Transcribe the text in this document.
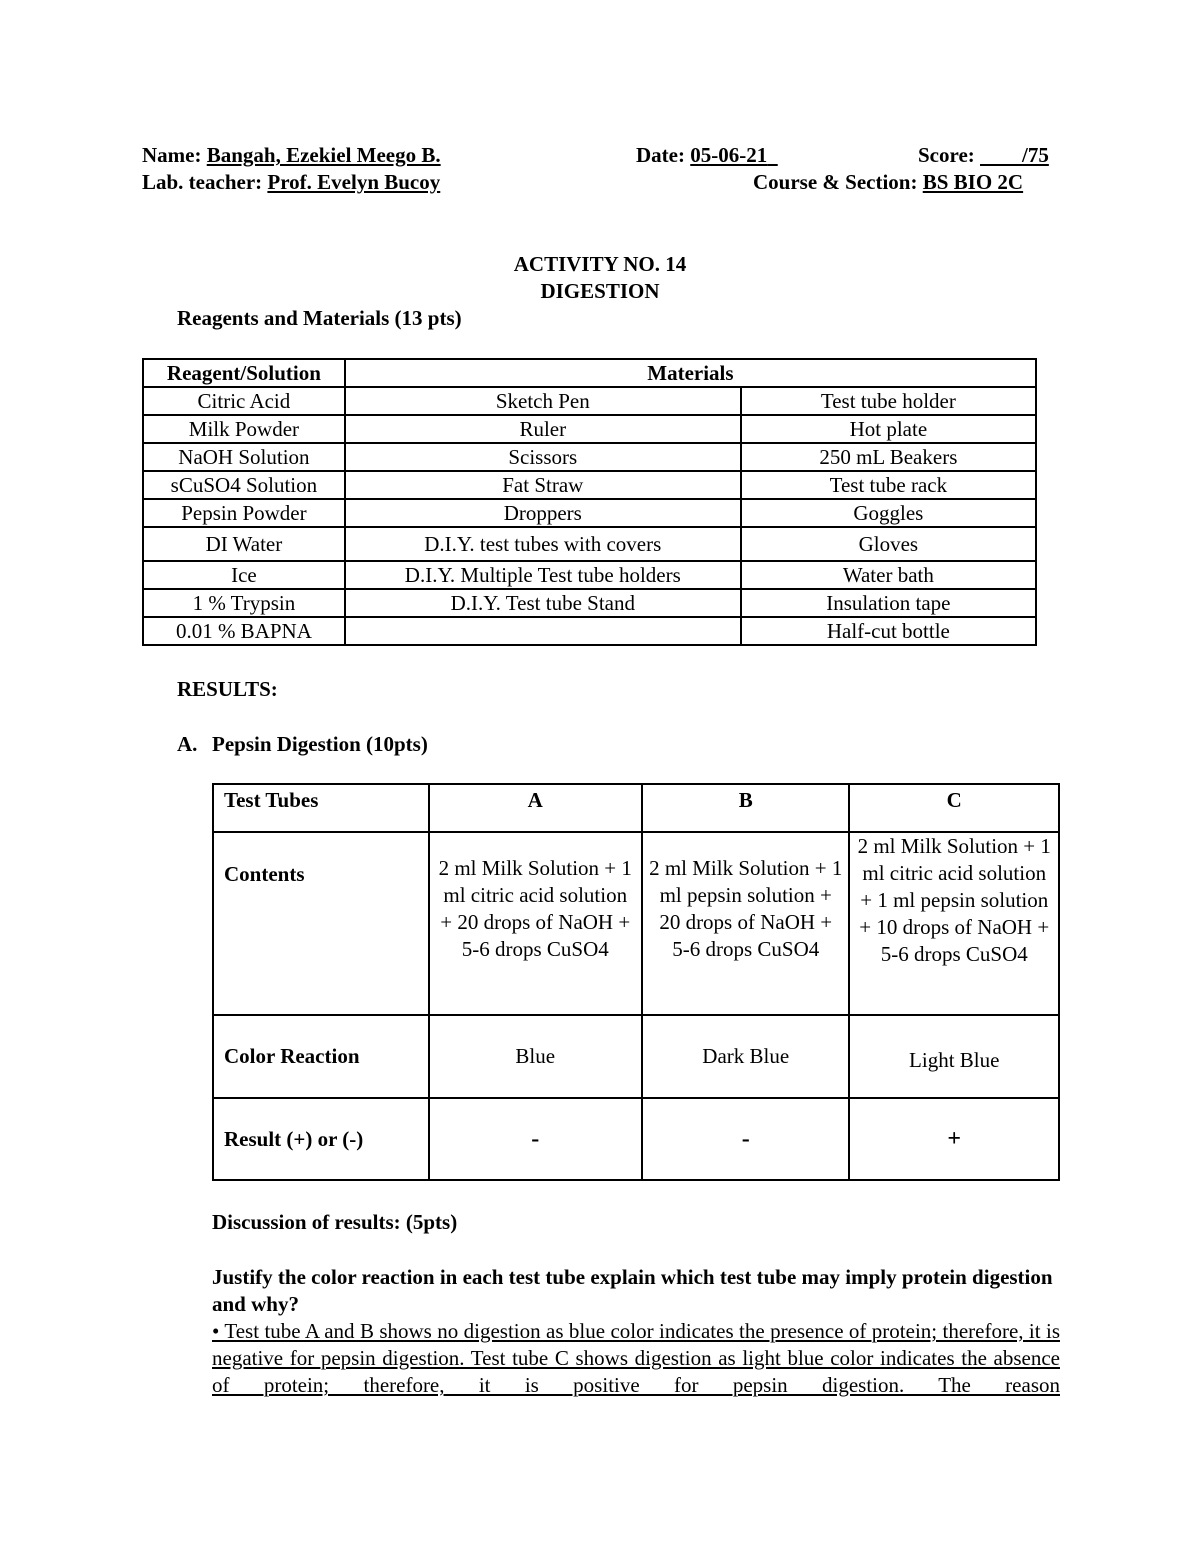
Name: Bangah, Ezekiel Meego B.	Date: 05-06-21	Score: /75
Lab. teacher: Prof. Evelyn Bucoy	Course & Section: BS BIO 2C
ACTIVITY NO. 14
DIGESTION
Reagents and Materials (13 pts)
Reagent/Solution	Materials	
Citric Acid	Sketch Pen	Test tube holder
Milk Powder	Ruler	Hot plate
NaOH Solution	Scissors	250 mL Beakers
sCuSO4 Solution	Fat Straw	Test tube rack
Pepsin Powder	Droppers	Goggles
DI Water	D.I.Y. test tubes with covers	Gloves
Ice	D.I.Y. Multiple Test tube holders	Water bath
1 % Trypsin	D.I.Y. Test tube Stand	Insulation tape
0.01 % BAPNA		Half-cut bottle
RESULTS:
A. Pepsin Digestion (10pts)
Test Tubes	A	B	C
Contents	2 ml Milk Solution + 1 ml citric acid solution + 20 drops of NaOH + 5-6 drops CuSO4	2 ml Milk Solution + 1 ml pepsin solution + 20 drops of NaOH + 5-6 drops CuSO4	2 ml Milk Solution + 1 ml citric acid solution + 1 ml pepsin solution + 10 drops of NaOH + 5-6 drops CuSO4
Color Reaction	Blue	Dark Blue	Light Blue
Result (+) or (-)	-	-	+
Discussion of results: (5pts)
Justify the color reaction in each test tube explain which test tube may imply protein digestion and why?
• Test tube A and B shows no digestion as blue color indicates the presence of protein; therefore, it is negative for pepsin digestion. Test tube C shows digestion as light blue color indicates the absence of protein; therefore, it is positive for pepsin digestion. The reason
